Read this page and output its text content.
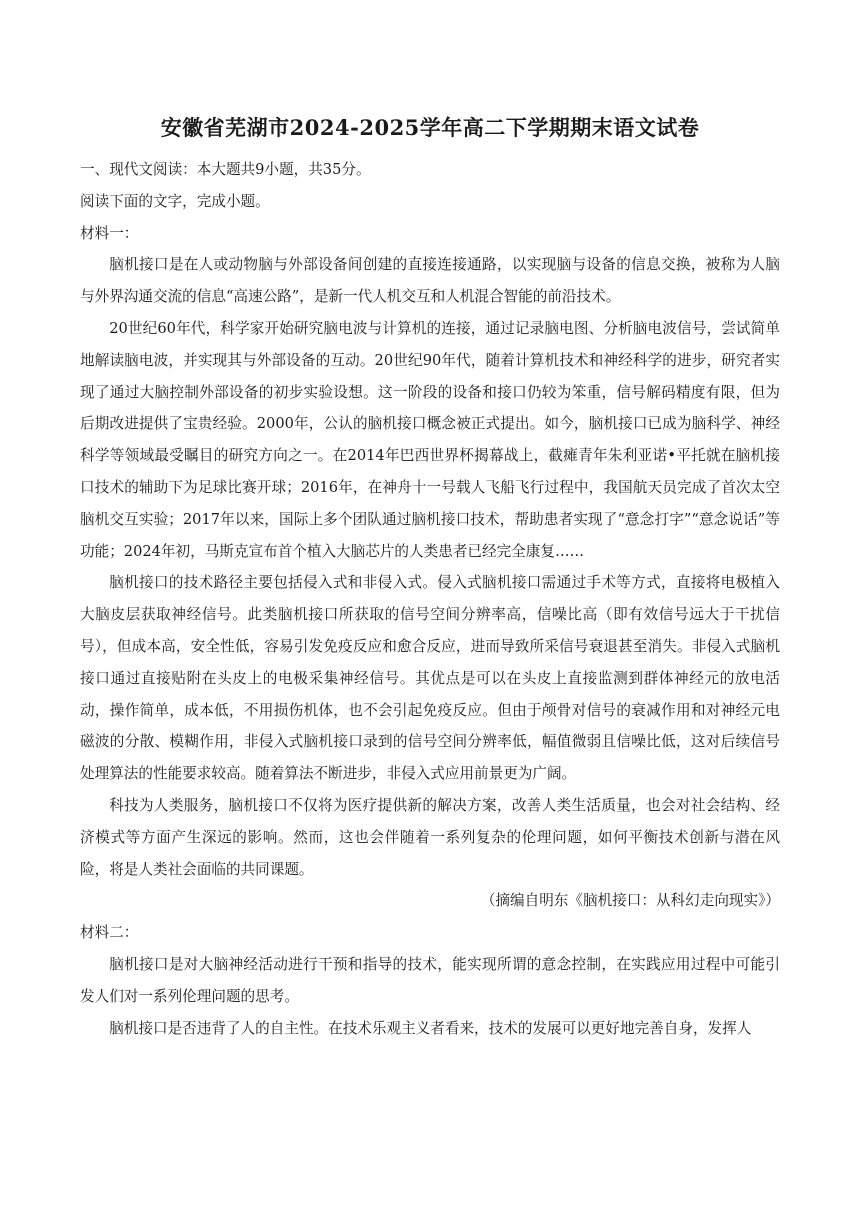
安徽省芜湖市2024-2025学年高二下学期期末语文试卷

一、现代文阅读：本大题共9小题，共35分。

阅读下面的文字，完成小题。

材料一：

脑机接口是在人或动物脑与外部设备间创建的直接连接通路，以实现脑与设备的信息交换，被称为人脑与外界沟通交流的信息“高速公路”，是新一代人机交互和人机混合智能的前沿技术。

20世纪60年代，科学家开始研究脑电波与计算机的连接，通过记录脑电图、分析脑电波信号，尝试简单地解读脑电波，并实现其与外部设备的互动。20世纪90年代，随着计算机技术和神经科学的进步，研究者实现了通过大脑控制外部设备的初步实验设想。这一阶段的设备和接口仍较为笨重，信号解码精度有限，但为后期改进提供了宝贵经验。2000年，公认的脑机接口概念被正式提出。如今，脑机接口已成为脑科学、神经科学等领域最受瞩目的研究方向之一。在2014年巴西世界杯揭幕战上，截瘫青年朱利亚诺•平托就在脑机接口技术的辅助下为足球比赛开球；2016年，在神舟十一号载人飞船飞行过程中，我国航天员完成了首次太空脑机交互实验；2017年以来，国际上多个团队通过脑机接口技术，帮助患者实现了“意念打字”“意念说话”等功能；2024年初，马斯克宣布首个植入大脑芯片的人类患者已经完全康复……

脑机接口的技术路径主要包括侵入式和非侵入式。侵入式脑机接口需通过手术等方式，直接将电极植入大脑皮层获取神经信号。此类脑机接口所获取的信号空间分辨率高，信噪比高（即有效信号远大于干扰信号），但成本高，安全性低，容易引发免疫反应和愈合反应，进而导致所采信号衰退甚至消失。非侵入式脑机接口通过直接贴附在头皮上的电极采集神经信号。其优点是可以在头皮上直接监测到群体神经元的放电活动，操作简单，成本低，不用损伤机体，也不会引起免疫反应。但由于颅骨对信号的衰减作用和对神经元电磁波的分散、模糊作用，非侵入式脑机接口录到的信号空间分辨率低，幅值微弱且信噪比低，这对后续信号处理算法的性能要求较高。随着算法不断进步，非侵入式应用前景更为广阔。

科技为人类服务，脑机接口不仅将为医疗提供新的解决方案，改善人类生活质量，也会对社会结构、经济模式等方面产生深远的影响。然而，这也会伴随着一系列复杂的伦理问题，如何平衡技术创新与潜在风险，将是人类社会面临的共同课题。

（摘编自明东《脑机接口：从科幻走向现实》）

材料二：

脑机接口是对大脑神经活动进行干预和指导的技术，能实现所谓的意念控制，在实践应用过程中可能引发人们对一系列伦理问题的思考。

脑机接口是否违背了人的自主性。在技术乐观主义者看来，技术的发展可以更好地完善自身，发挥人
